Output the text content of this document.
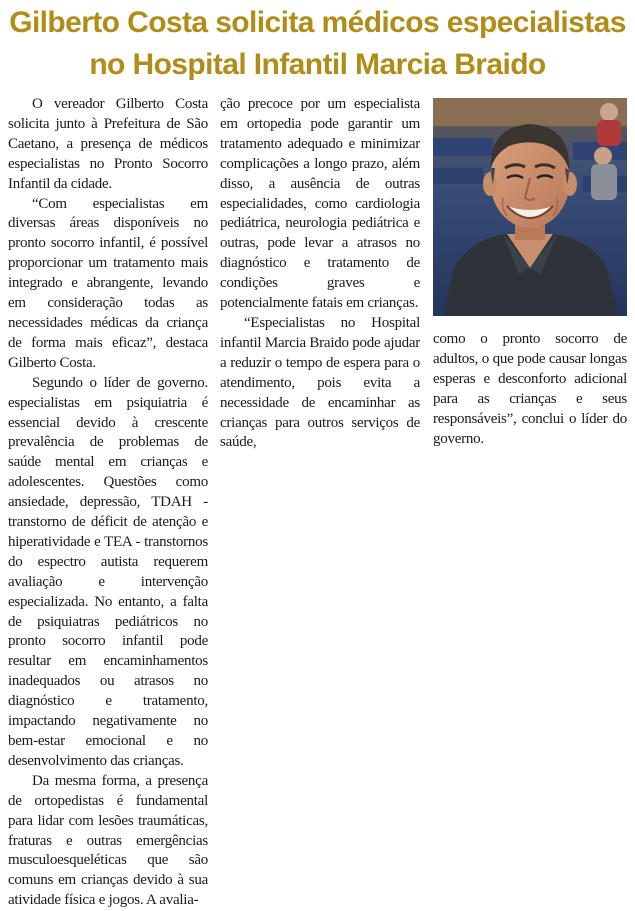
Gilberto Costa solicita médicos especialistas
no Hospital Infantil Marcia Braido

O vereador Gilberto Costa solicita junto à Prefeitura de São Caetano, a presença de médicos especialistas no Pronto Socorro Infantil da cidade.

“Com especialistas em diversas áreas disponíveis no pronto socorro infantil, é possível proporcionar um tratamento mais integrado e abrangente, levando em consideração todas as necessidades médicas da criança de forma mais eficaz”, destaca Gilberto Costa.

Segundo o líder de governo. especialistas em psiquiatria é essencial devido à crescente prevalência de problemas de saúde mental em crianças e adolescentes. Questões como ansiedade, depressão, TDAH - transtorno de déficit de atenção e hiperatividade e TEA - transtornos do espectro autista requerem avaliação e intervenção especializada. No entanto, a falta de psiquiatras pediátricos no pronto socorro infantil pode resultar em encaminhamentos inadequados ou atrasos no diagnóstico e tratamento, impactando negativamente no bem-estar emocional e no desenvolvimento das crianças.

Da mesma forma, a presença de ortopedistas é fundamental para lidar com lesões traumáticas, fraturas e outras emergências musculoesqueléticas que são comuns em crianças devido à sua atividade física e jogos. A avalia-

ção precoce por um especialista em ortopedia pode garantir um tratamento adequado e minimizar complicações a longo prazo, além disso, a ausência de outras especialidades, como cardiologia pediátrica, neurologia pediátrica e outras, pode levar a atrasos no diagnóstico e tratamento de condições graves e potencialmente fatais em crianças.

“Especialistas no Hospital infantil Marcia Braido pode ajudar a reduzir o tempo de espera para o atendimento, pois evita a necessidade de encaminhar as crianças para outros serviços de saúde,

como o pronto socorro de adultos, o que pode causar longas esperas e desconforto adicional para as crianças e seus responsáveis”, conclui o líder do governo.
